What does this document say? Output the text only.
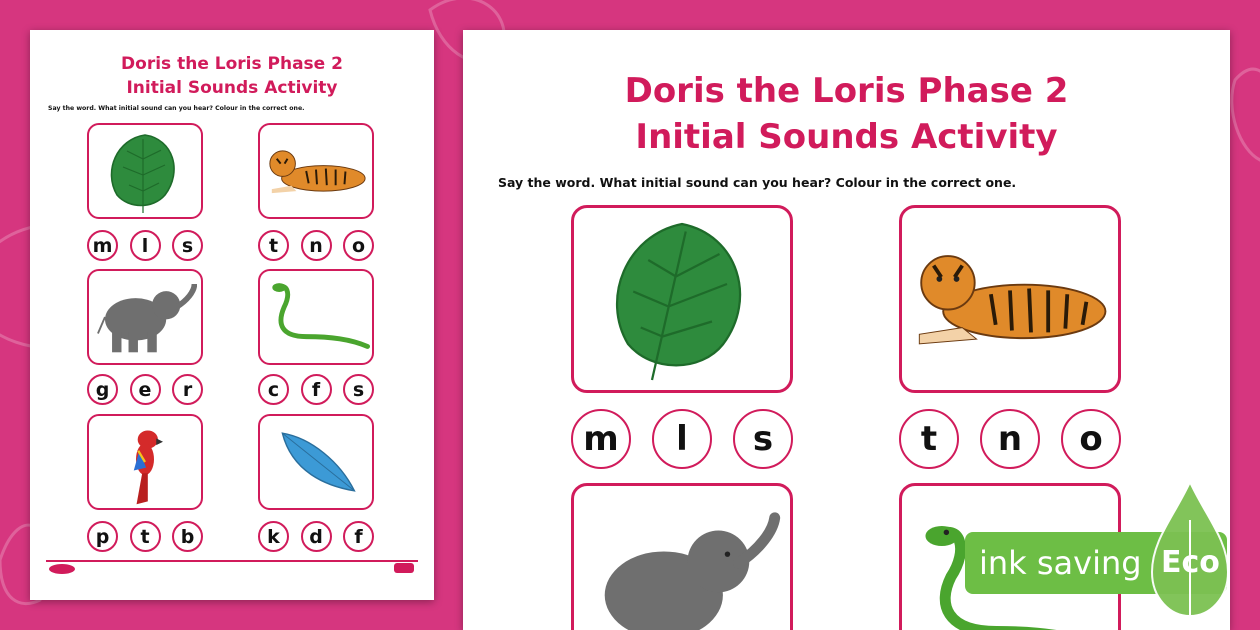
Doris the Loris Phase 2
Initial Sounds Activity

Say the word. What initial sound can you hear? Colour in the correct one.

m	l	s	t	n	o
g	e	r	c	f	s
p	t	b	k	d	f
Doris the Loris Phase 2
Initial Sounds Activity

Say the word. What initial sound can you hear? Colour in the correct one.

m	l	s	t	n	o
ink saving Eco
